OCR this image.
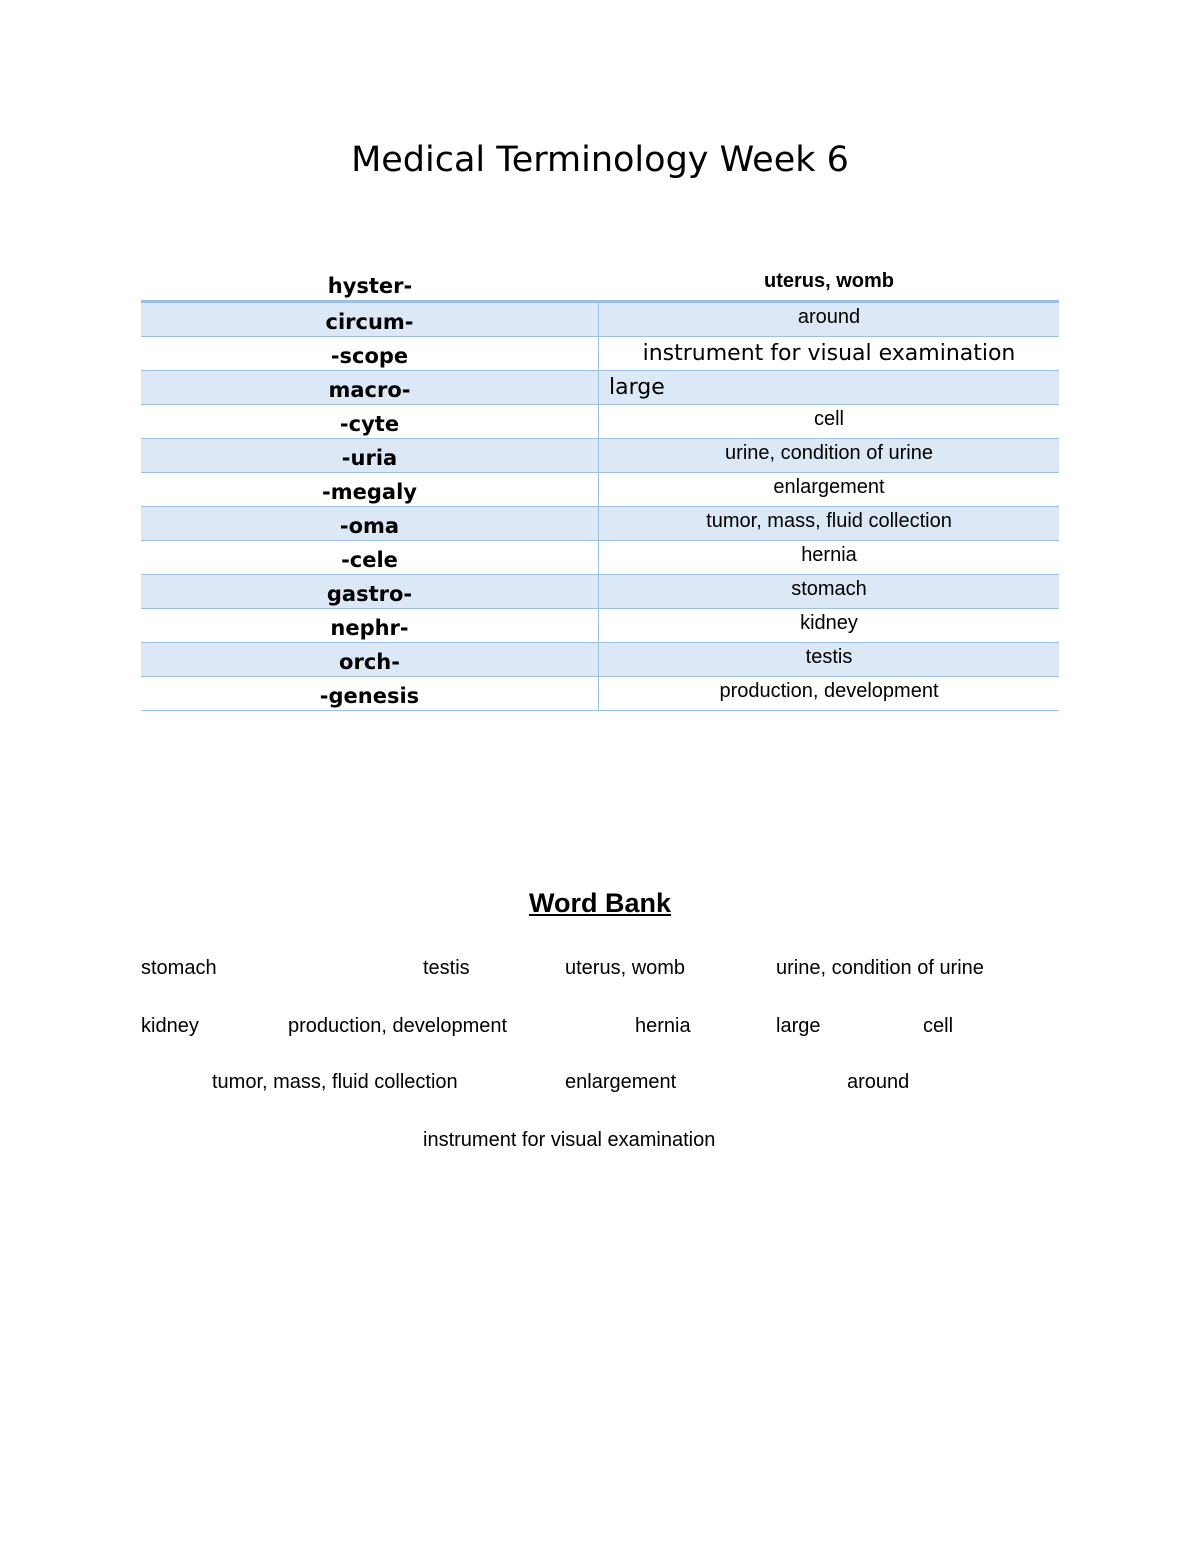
Medical Terminology Week 6
hyster-	uterus, womb
circum-	around
-scope	instrument for visual examination
macro-	large
-cyte	cell
-uria	urine, condition of urine
-megaly	enlargement
-oma	tumor, mass, fluid collection
-cele	hernia
gastro-	stomach
nephr-	kidney
orch-	testis
-genesis	production, development
Word Bank
stomach	testis	uterus, womb	urine, condition of urine
kidney	production, development	hernia	large	cell
tumor, mass, fluid collection	enlargement	around
instrument for visual examination
